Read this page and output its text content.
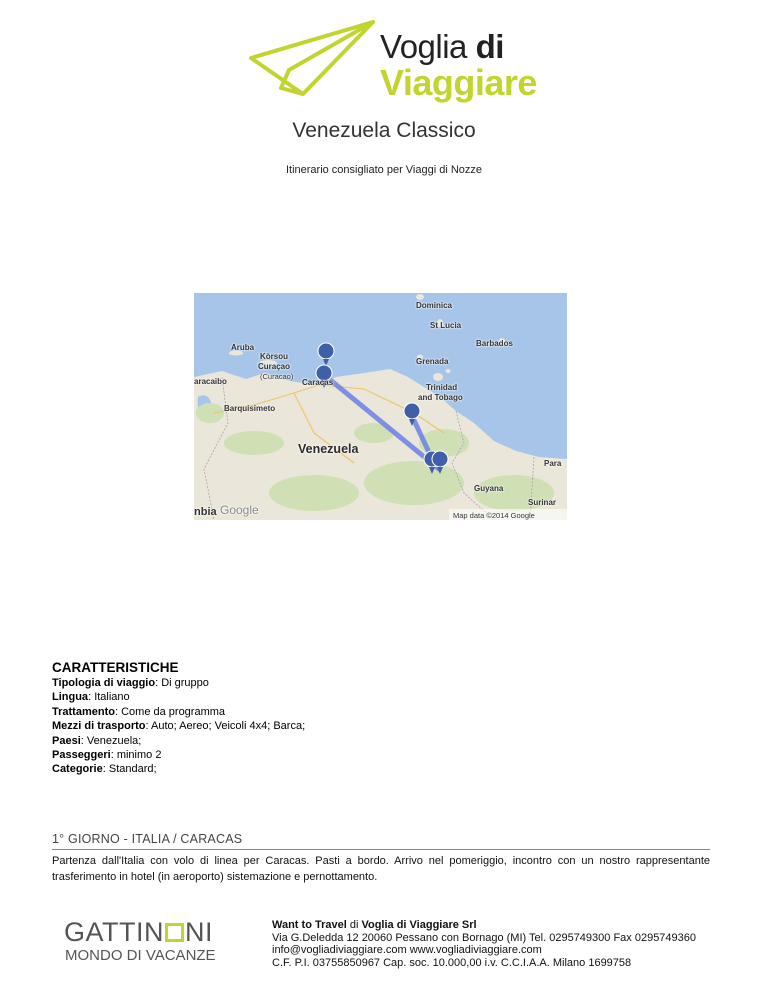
Voglia di
Viaggiare
Venezuela Classico
Itinerario consigliato per Viaggi di Nozze
Dominica
St Lucia
Barbados
Aruba
Kòrsou
Curaçao
(Curacao)
aracaibo	Caracas
Grenada
Trinidad
and Tobago
Barquisimeto
Venezuela
Para
Guyana
Surinar
nbia Google	Map data ©2014 Google
CARATTERISTICHE
Tipologia di viaggio: Di gruppo
Lingua: Italiano
Trattamento: Come da programma
Mezzi di trasporto: Auto; Aereo; Veicoli 4x4; Barca;
Paesi: Venezuela;
Passeggeri: minimo 2
Categorie: Standard;
1° GIORNO - ITALIA / CARACAS
Partenza dall'Italia con volo di linea per Caracas. Pasti a bordo. Arrivo nel pomeriggio, incontro con un nostro rappresentante trasferimento in hotel (in aeroporto) sistemazione e pernottamento.
GATTIN NI
MONDO DI VACANZE
Want to Travel di Voglia di Viaggiare Srl
Via G.Deledda 12 20060 Pessano con Bornago (MI) Tel. 0295749300 Fax 0295749360
info@vogliadiviaggiare.com www.vogliadiviaggiare.com
C.F. P.I. 03755850967 Cap. soc. 10.000,00 i.v. C.C.I.A.A. Milano 1699758
